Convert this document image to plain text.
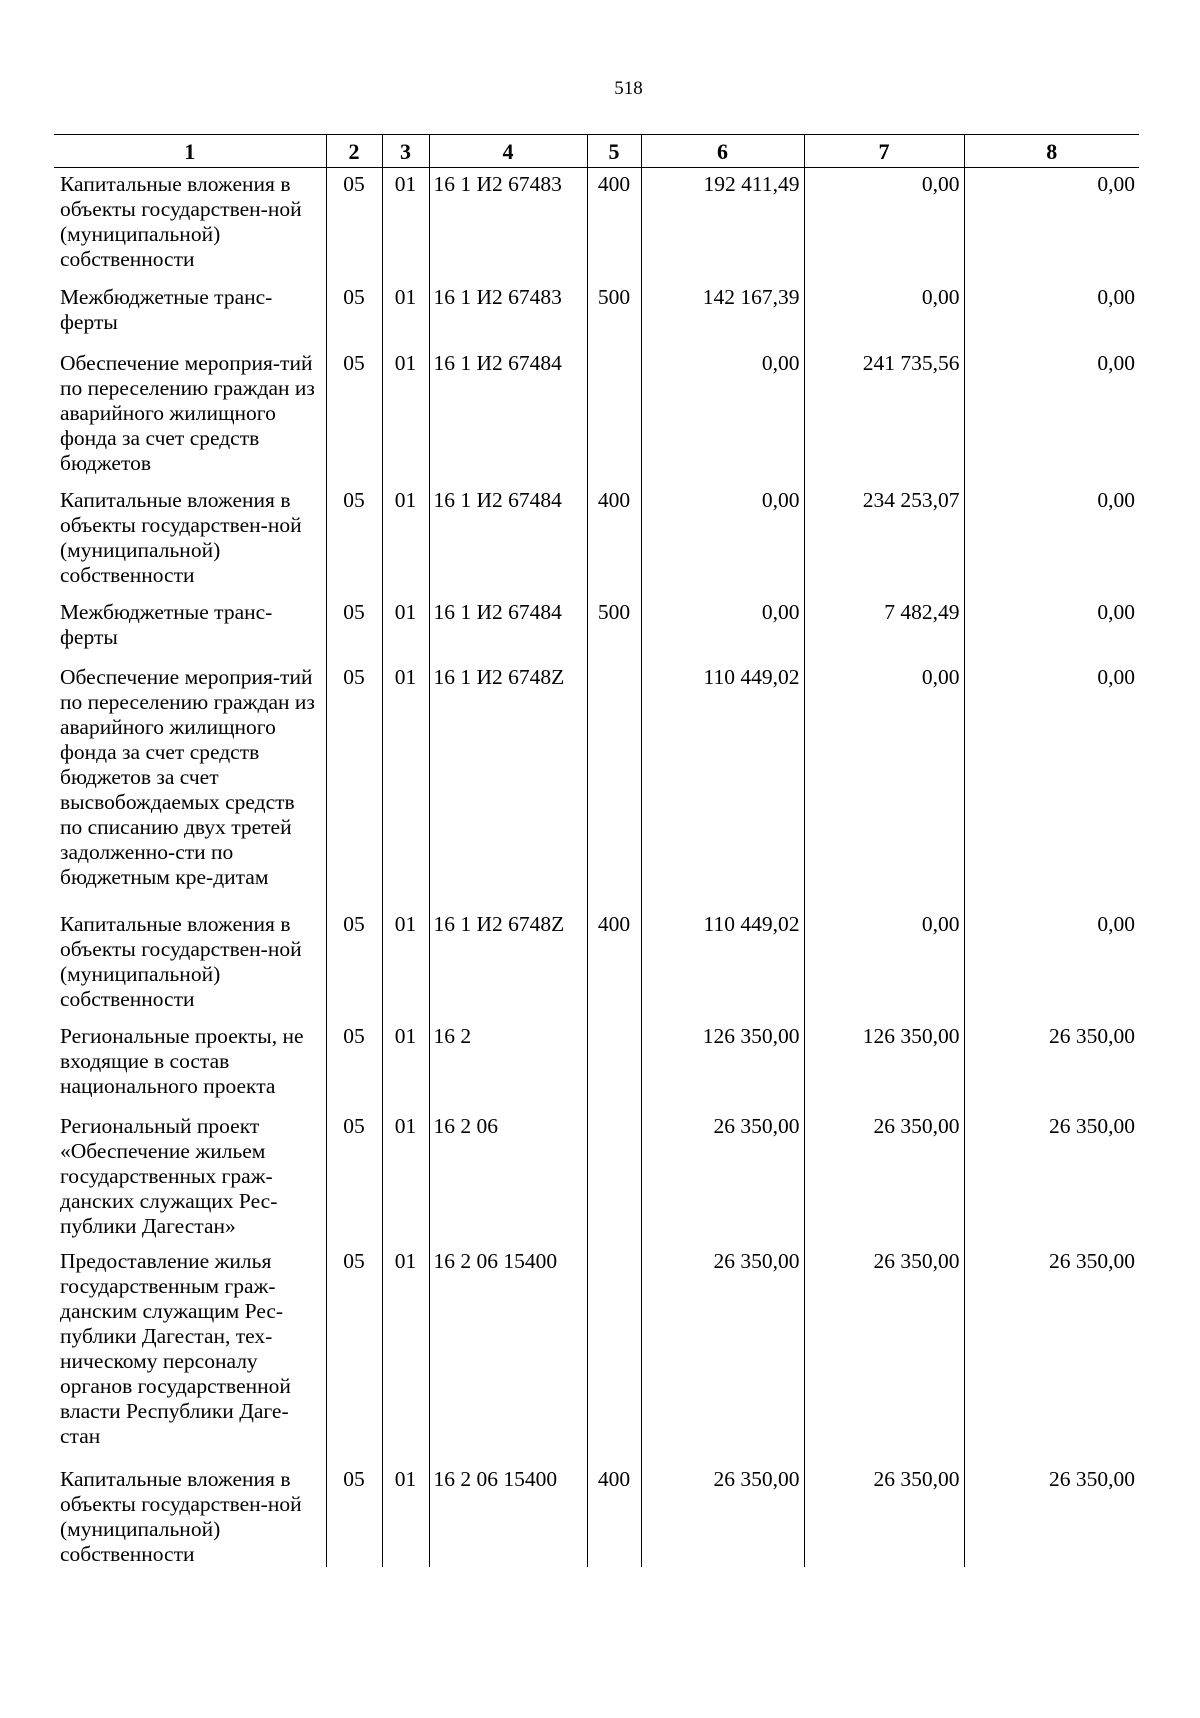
518
1	2	3	4	5	6	7	8
Капитальные вложения в объекты государствен-ной (муниципальной) собственности	05	01	16 1 И2 67483	400	192 411,49	0,00	0,00
Межбюджетные транс-ферты	05	01	16 1 И2 67483	500	142 167,39	0,00	0,00
Обеспечение мероприя-тий по переселению граждан из аварийного жилищного фонда за счет средств бюджетов	05	01	16 1 И2 67484		0,00	241 735,56	0,00
Капитальные вложения в объекты государствен-ной (муниципальной) собственности	05	01	16 1 И2 67484	400	0,00	234 253,07	0,00
Межбюджетные транс-ферты	05	01	16 1 И2 67484	500	0,00	7 482,49	0,00
Обеспечение мероприя-тий по переселению граждан из аварийного жилищного фонда за счет средств бюджетов за счет высвобождаемых средств по списанию двух третей задолженно-сти по бюджетным кре-дитам	05	01	16 1 И2 6748Z		110 449,02	0,00	0,00
Капитальные вложения в объекты государствен-ной (муниципальной) собственности	05	01	16 1 И2 6748Z	400	110 449,02	0,00	0,00
Региональные проекты, не входящие в состав национального проекта	05	01	16 2		126 350,00	126 350,00	26 350,00
Региональный проект «Обеспечение жильем государственных граж-данских служащих Рес-публики Дагестан»	05	01	16 2 06		26 350,00	26 350,00	26 350,00
Предоставление жилья государственным граж-данским служащим Рес-публики Дагестан, тех-ническому персоналу органов государственной власти Республики Даге-стан	05	01	16 2 06 15400		26 350,00	26 350,00	26 350,00
Капитальные вложения в объекты государствен-ной (муниципальной) собственности	05	01	16 2 06 15400	400	26 350,00	26 350,00	26 350,00
